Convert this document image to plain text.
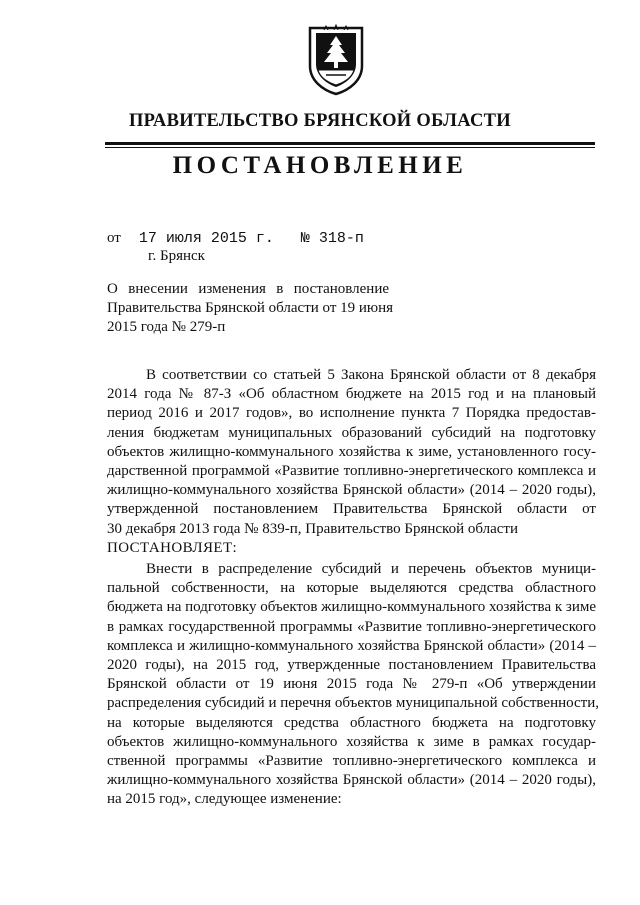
ПРАВИТЕЛЬСТВО БРЯНСКОЙ ОБЛАСТИ
ПОСТАНОВЛЕНИЕ
от 17 июля 2015 г. № 318-п
г. Брянск
О внесении изменения в постановление
Правительства Брянской области от 19 июня
2015 года № 279-п
В соответствии со статьей 5 Закона Брянской области от 8 декабря
2014 года № 87-З «Об областном бюджете на 2015 год и на плановый
период 2016 и 2017 годов», во исполнение пункта 7 Порядка предостав-
ления бюджетам муниципальных образований субсидий на подготовку
объектов жилищно-коммунального хозяйства к зиме, установленного госу-
дарственной программой «Развитие топливно-энергетического комплекса и
жилищно-коммунального хозяйства Брянской области» (2014 – 2020 годы),
утвержденной постановлением Правительства Брянской области от
30 декабря 2013 года № 839-п, Правительство Брянской области
ПОСТАНОВЛЯЕТ:
Внести в распределение субсидий и перечень объектов муници-
пальной собственности, на которые выделяются средства областного
бюджета на подготовку объектов жилищно-коммунального хозяйства к зиме
в рамках государственной программы «Развитие топливно-энергетического
комплекса и жилищно-коммунального хозяйства Брянской области» (2014 –
2020 годы), на 2015 год, утвержденные постановлением Правительства
Брянской области от 19 июня 2015 года № 279-п «Об утверждении
распределения субсидий и перечня объектов муниципальной собственности,
на которые выделяются средства областного бюджета на подготовку
объектов жилищно-коммунального хозяйства к зиме в рамках государ-
ственной программы «Развитие топливно-энергетического комплекса и
жилищно-коммунального хозяйства Брянской области» (2014 – 2020 годы),
на 2015 год», следующее изменение:
